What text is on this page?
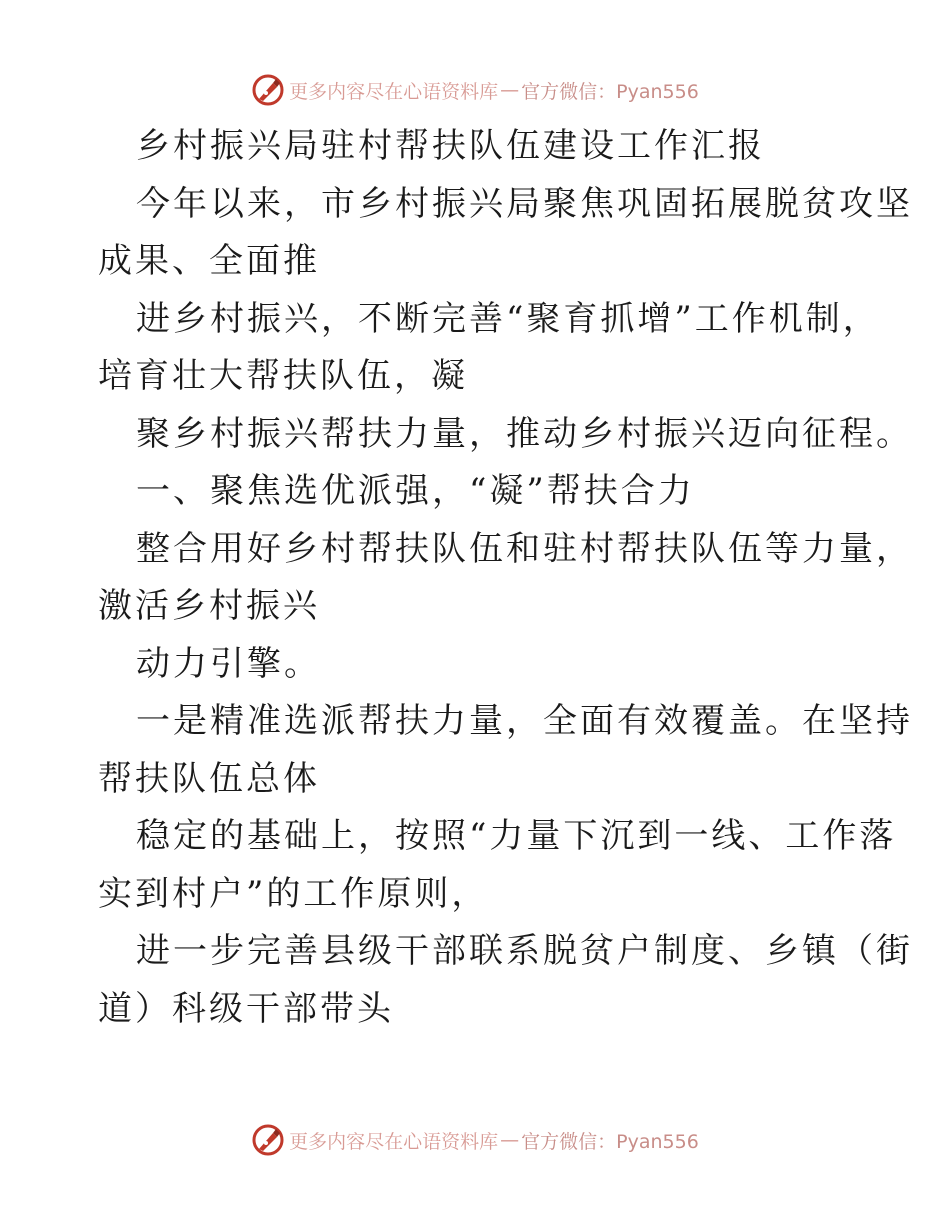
更多内容尽在心语资料库 — 官方微信：Pyan556

乡村振兴局驻村帮扶队伍建设工作汇报

今年以来，市乡村振兴局聚焦巩固拓展脱贫攻坚

成果、全面推

进乡村振兴，不断完善“聚育抓增”工作机制，

培育壮大帮扶队伍，凝

聚乡村振兴帮扶力量，推动乡村振兴迈向征程。

一、聚焦选优派强，“凝”帮扶合力

整合用好乡村帮扶队伍和驻村帮扶队伍等力量，

激活乡村振兴

动力引擎。

一是精准选派帮扶力量，全面有效覆盖。在坚持

帮扶队伍总体

稳定的基础上，按照“力量下沉到一线、工作落

实到村户”的工作原则，

进一步完善县级干部联系脱贫户制度、乡镇（街

道）科级干部带头

更多内容尽在心语资料库 — 官方微信：Pyan556
